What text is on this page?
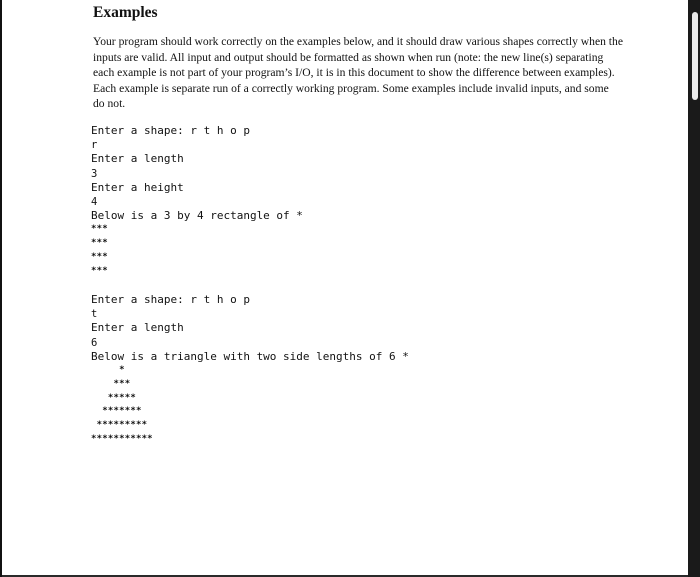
Examples

Your program should work correctly on the examples below, and it should draw various shapes correctly when the inputs are valid. All input and output should be formatted as shown when run (note: the new line(s) separating each example is not part of your program’s I/O, it is in this document to show the difference between examples). Each example is separate run of a correctly working program. Some examples include invalid inputs, and some do not.

Enter a shape: r t h o p
r
Enter a length
3
Enter a height
4
Below is a 3 by 4 rectangle of *
***
***
***
***
Enter a shape: r t h o p
t
Enter a length
6
Below is a triangle with two side lengths of 6 *
*
***
*****
*******
*********
***********
